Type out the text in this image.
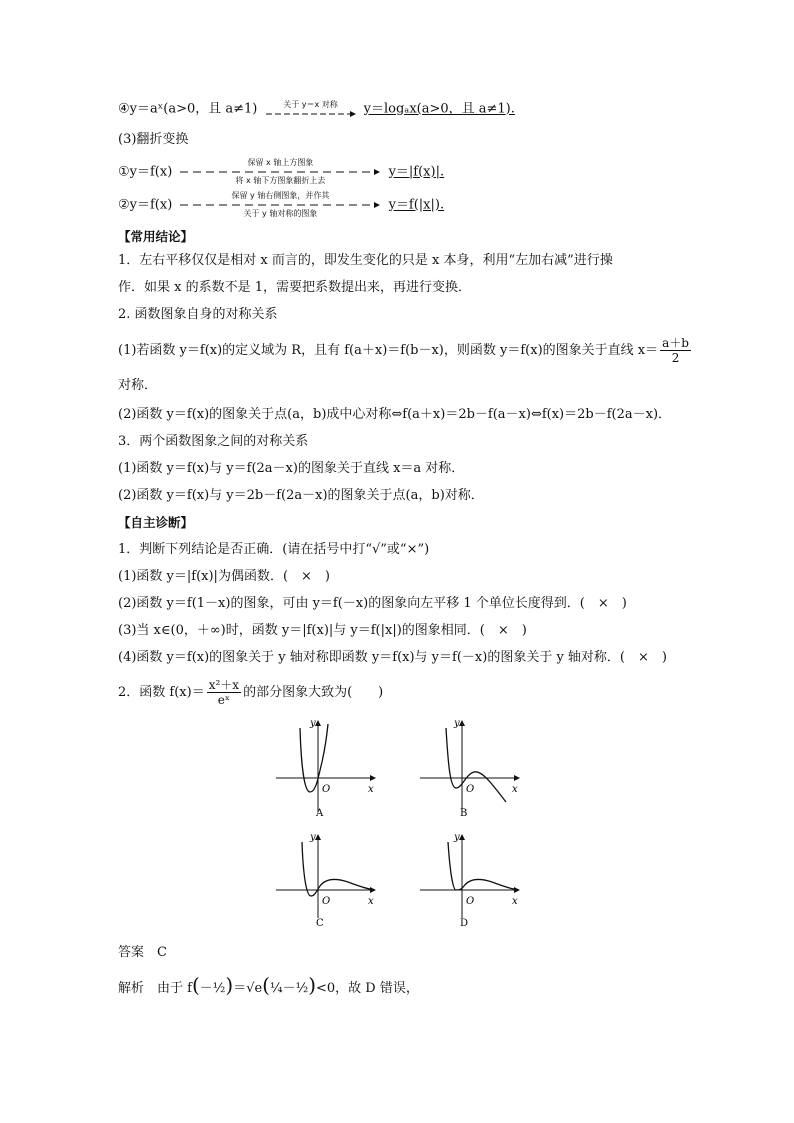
④y＝aˣ(a>0，且 a≠1)	关于 y＝x 对称	y＝logₐx(a>0，且 a≠1).
(3)翻折变换
①y＝f(x)
保留 x 轴上方图象
将 x 轴下方图象翻折上去
y＝|f(x)|.
②y＝f(x)
保留 y 轴右侧图象，并作其
关于 y 轴对称的图象
y＝f(|x|).
【常用结论】
1．左右平移仅仅是相对 x 而言的，即发生变化的只是 x 本身，利用“左加右减”进行操
作．如果 x 的系数不是 1，需要把系数提出来，再进行变换．
2. 函数图象自身的对称关系
(1)若函数 y＝f(x)的定义域为 R，且有 f(a＋x)＝f(b－x)，则函数 y＝f(x)的图象关于直线 $x= \frac{a+b}{2}$
对称．
(2)函数 y＝f(x)的图象关于点(a，b)成中心对称⇔f(a＋x)＝2b－f(a－x)⇔f(x)＝2b－f(2a－x)．
3．两个函数图象之间的对称关系
(1)函数 y＝f(x)与 y＝f(2a－x)的图象关于直线 x＝a 对称．
(2)函数 y＝f(x)与 y＝2b－f(2a－x)的图象关于点(a，b)对称．
【自主诊断】
1．判断下列结论是否正确．(请在括号中打“√”或“×”)
(1)函数 y＝|f(x)|为偶函数．(　×　)
(2)函数 y＝f(1－x)的图象，可由 y＝f(－x)的图象向左平移 1 个单位长度得到．(　×　)
(3)当 x∈(0，＋∞)时，函数 y＝|f(x)|与 y＝f(|x|)的图象相同．(　×　)
(4)函数 y＝f(x)的图象关于 y 轴对称即函数 y＝f(x)与 y＝f(－x)的图象关于 y 轴对称．(　×　)
2．函数 $f(x)= \frac{\text{x²＋x}}{\text{eˣ}}$ 的部分图象大致为(　　)
x
y
O
A
x
y
O
B
x
y
O
C
x
y
O
D
答案　C
解析　由于 f(－½)＝√e(¼－½)<0，故 D 错误，
